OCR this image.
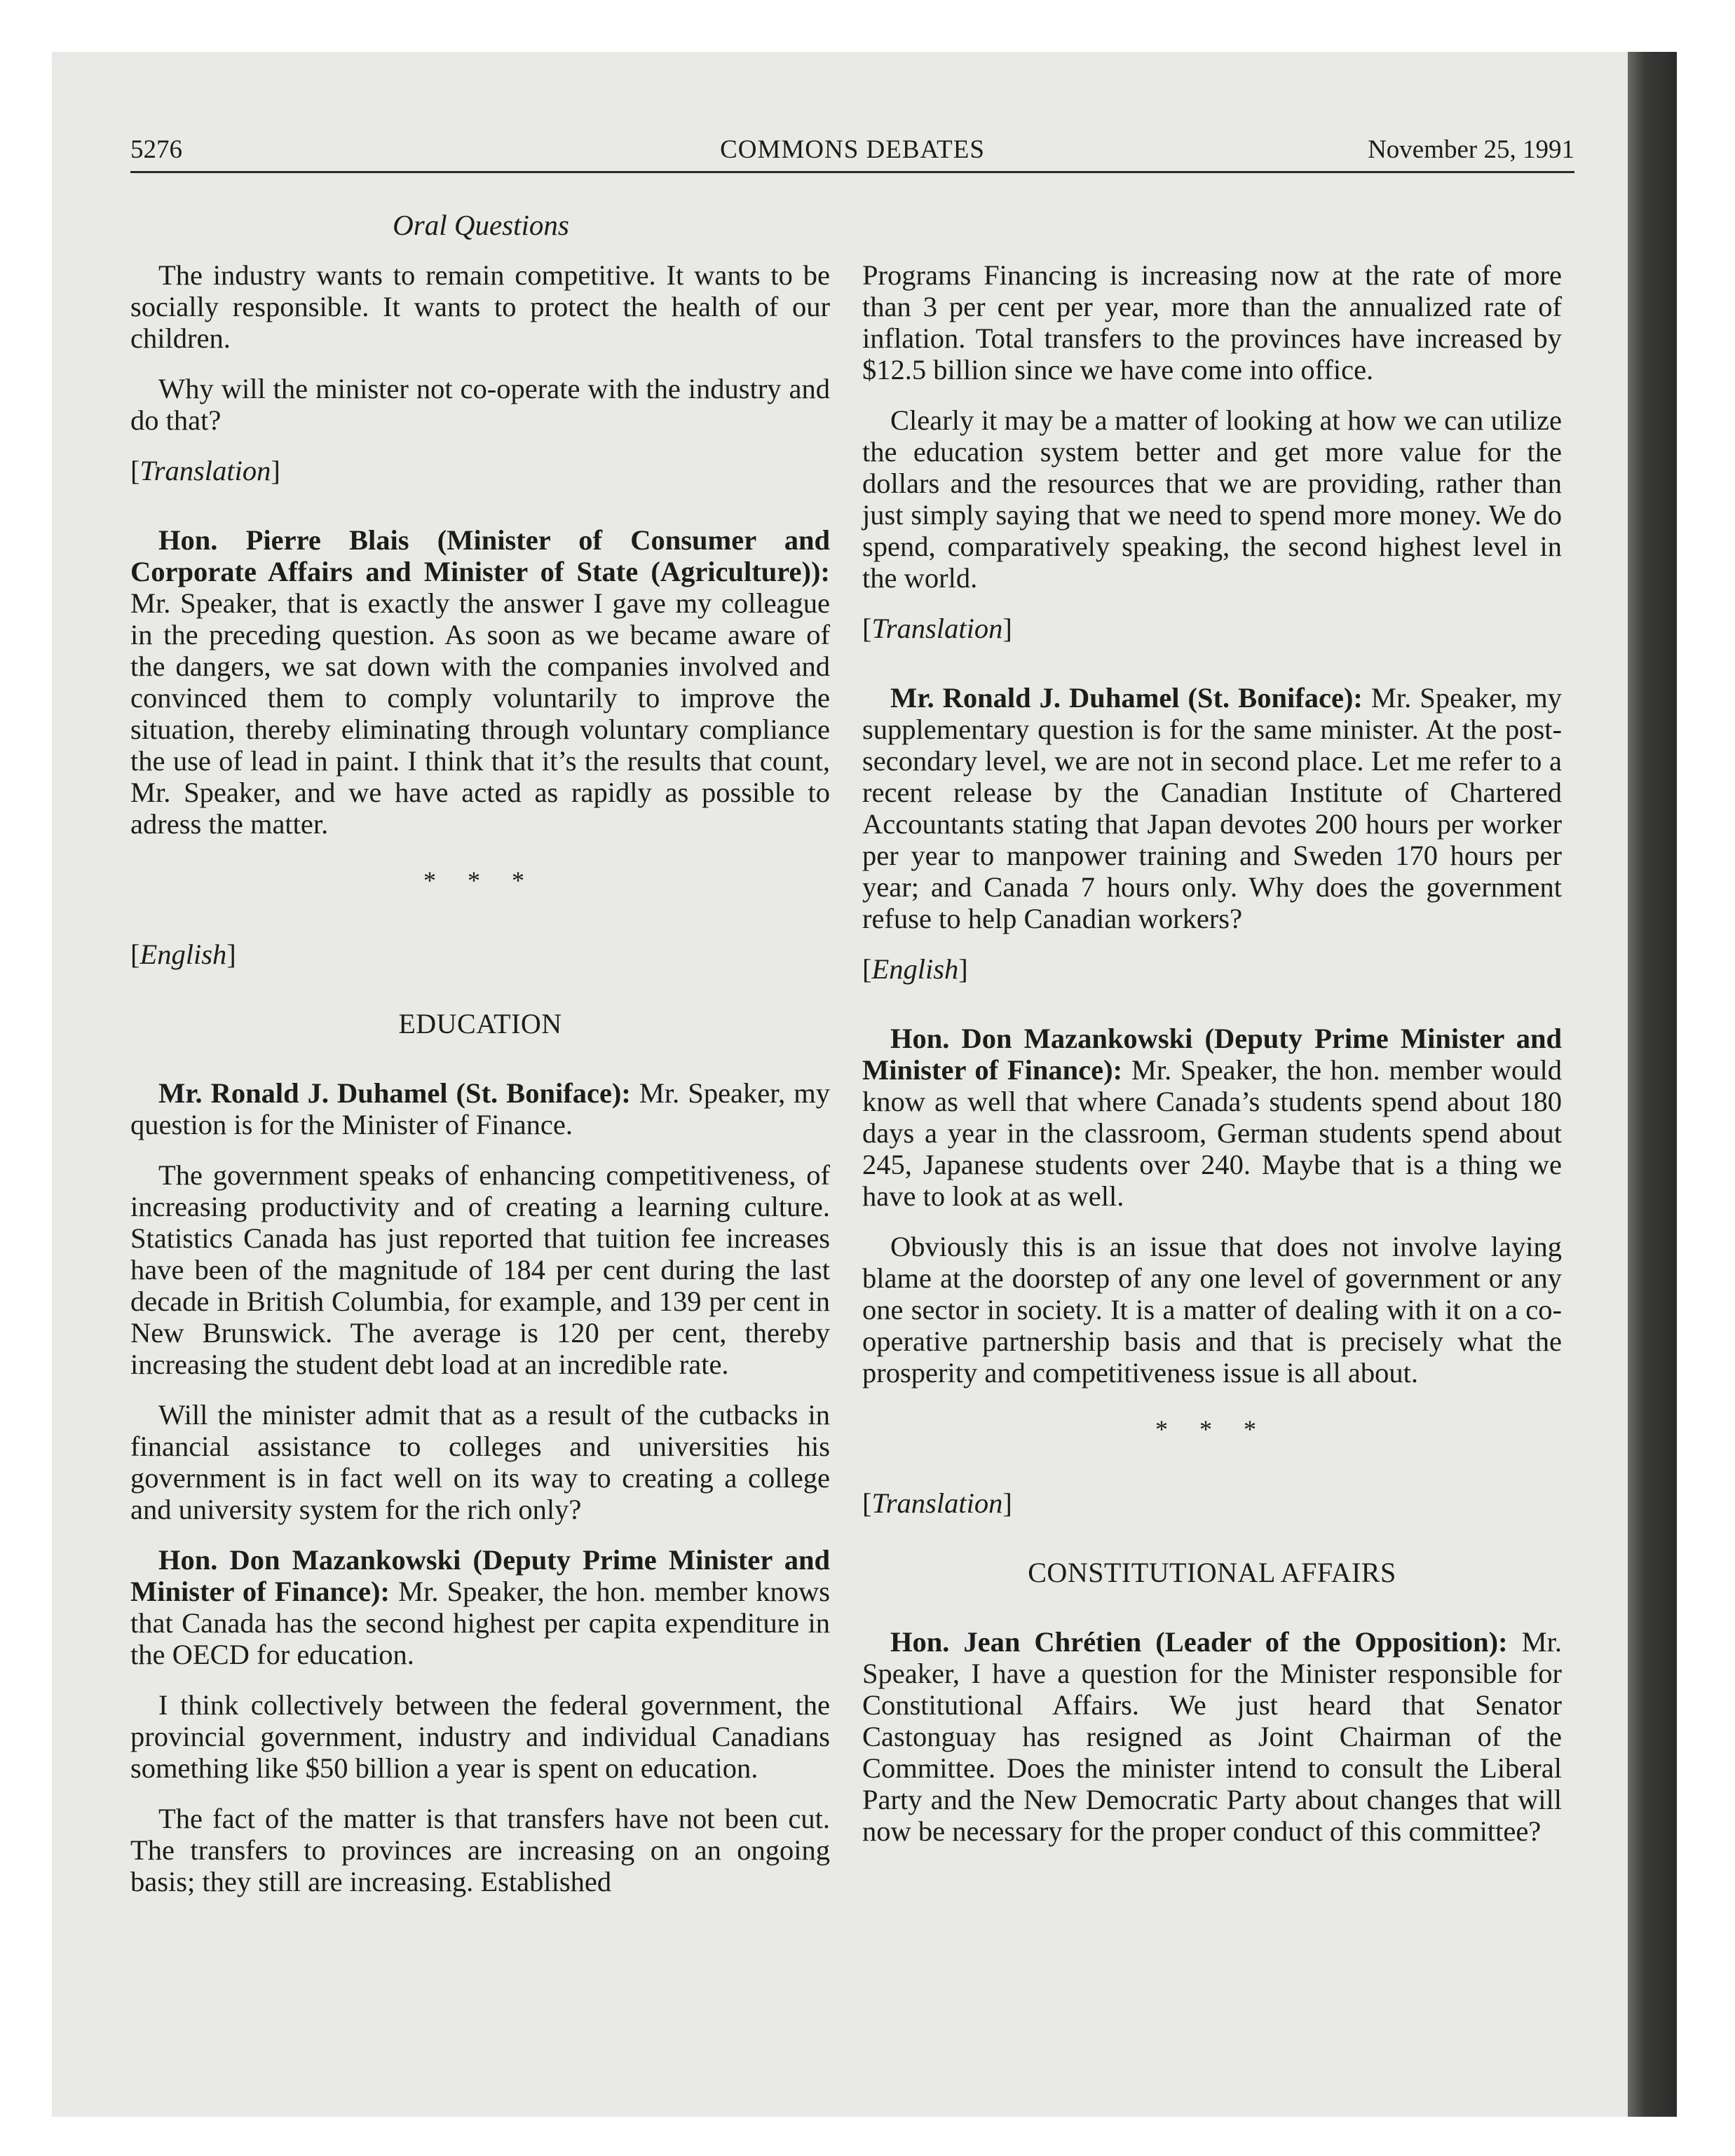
5276	COMMONS DEBATES	November 25, 1991
Oral Questions

The industry wants to remain competitive. It wants to be socially responsible. It wants to protect the health of our children.

Why will the minister not co-operate with the industry and do that?

[Translation]

Hon. Pierre Blais (Minister of Consumer and Corporate Affairs and Minister of State (Agriculture)): Mr. Speaker, that is exactly the answer I gave my colleague in the preceding question. As soon as we became aware of the dangers, we sat down with the companies involved and convinced them to comply voluntarily to improve the situation, thereby eliminating through voluntary compliance the use of lead in paint. I think that it’s the results that count, Mr. Speaker, and we have acted as rapidly as possible to adress the matter.

* * *

[English]

EDUCATION

Mr. Ronald J. Duhamel (St. Boniface): Mr. Speaker, my question is for the Minister of Finance.

The government speaks of enhancing competitiveness, of increasing productivity and of creating a learning culture. Statistics Canada has just reported that tuition fee increases have been of the magnitude of 184 per cent during the last decade in British Columbia, for example, and 139 per cent in New Brunswick. The average is 120 per cent, thereby increasing the student debt load at an incredible rate.

Will the minister admit that as a result of the cutbacks in financial assistance to colleges and universities his government is in fact well on its way to creating a college and university system for the rich only?

Hon. Don Mazankowski (Deputy Prime Minister and Minister of Finance): Mr. Speaker, the hon. member knows that Canada has the second highest per capita expenditure in the OECD for education.

I think collectively between the federal government, the provincial government, industry and individual Canadians something like $50 billion a year is spent on education.

The fact of the matter is that transfers have not been cut. The transfers to provinces are increasing on an ongoing basis; they still are increasing. Established

Programs Financing is increasing now at the rate of more than 3 per cent per year, more than the annualized rate of inflation. Total transfers to the provinces have increased by $12.5 billion since we have come into office.

Clearly it may be a matter of looking at how we can utilize the education system better and get more value for the dollars and the resources that we are providing, rather than just simply saying that we need to spend more money. We do spend, comparatively speaking, the second highest level in the world.

[Translation]

Mr. Ronald J. Duhamel (St. Boniface): Mr. Speaker, my supplementary question is for the same minister. At the post-secondary level, we are not in second place. Let me refer to a recent release by the Canadian Institute of Chartered Accountants stating that Japan devotes 200 hours per worker per year to manpower training and Sweden 170 hours per year; and Canada 7 hours only. Why does the government refuse to help Canadian workers?

[English]

Hon. Don Mazankowski (Deputy Prime Minister and Minister of Finance): Mr. Speaker, the hon. member would know as well that where Canada’s students spend about 180 days a year in the classroom, German students spend about 245, Japanese students over 240. Maybe that is a thing we have to look at as well.

Obviously this is an issue that does not involve laying blame at the doorstep of any one level of government or any one sector in society. It is a matter of dealing with it on a co-operative partnership basis and that is precisely what the prosperity and competitiveness issue is all about.

* * *

[Translation]

CONSTITUTIONAL AFFAIRS

Hon. Jean Chrétien (Leader of the Opposition): Mr. Speaker, I have a question for the Minister responsible for Constitutional Affairs. We just heard that Senator Castonguay has resigned as Joint Chairman of the Committee. Does the minister intend to consult the Liberal Party and the New Democratic Party about changes that will now be necessary for the proper conduct of this committee?
